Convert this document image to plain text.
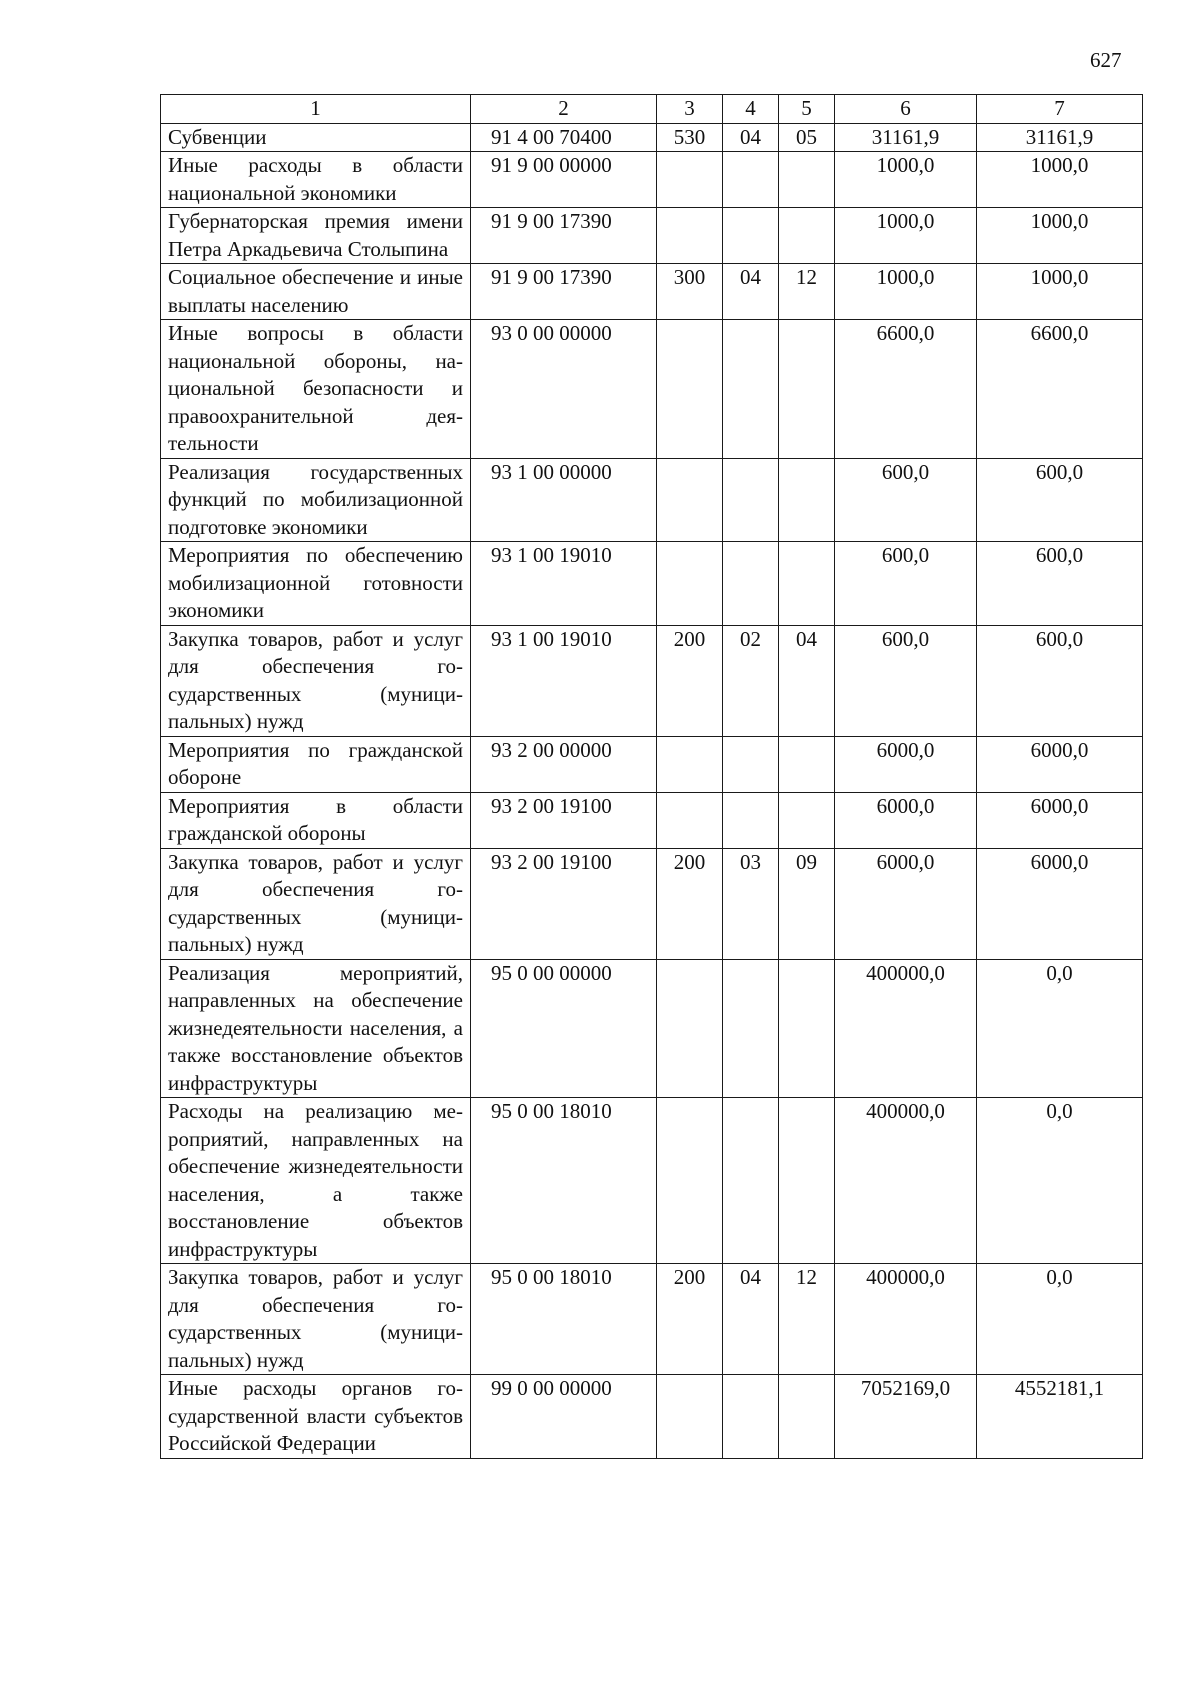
627
1	2	3	4	5	6	7
Субвенции	91 4 00 70400	530	04	05	31161,9	31161,9
Иные расходы в области национальной экономики	91 9 00 00000				1000,0	1000,0
Губернаторская премия имени Петра Аркадьевича Столыпина	91 9 00 17390				1000,0	1000,0
Социальное обеспечение и иные выплаты населению	91 9 00 17390	300	04	12	1000,0	1000,0
Иные вопросы в области национальной обороны, национальной безопасности и правоохранительной деятельности	93 0 00 00000				6600,0	6600,0
Реализация государственных функций по мобилизационной подготовке экономики	93 1 00 00000				600,0	600,0
Мероприятия по обеспечению мобилизационной готовности экономики	93 1 00 19010				600,0	600,0
Закупка товаров, работ и услуг для обеспечения государственных (муниципальных) нужд	93 1 00 19010	200	02	04	600,0	600,0
Мероприятия по гражданской обороне	93 2 00 00000				6000,0	6000,0
Мероприятия в области гражданской обороны	93 2 00 19100				6000,0	6000,0
Закупка товаров, работ и услуг для обеспечения государственных (муниципальных) нужд	93 2 00 19100	200	03	09	6000,0	6000,0
Реализация мероприятий, направленных на обеспечение жизнедеятельности населения, а также восстановление объектов инфраструктуры	95 0 00 00000				400000,0	0,0
Расходы на реализацию мероприятий, направленных на обеспечение жизнедеятельности населения, а также восстановление объектов инфраструктуры	95 0 00 18010				400000,0	0,0
Закупка товаров, работ и услуг для обеспечения государственных (муниципальных) нужд	95 0 00 18010	200	04	12	400000,0	0,0
Иные расходы органов государственной власти субъектов Российской Федерации	99 0 00 00000				7052169,0	4552181,1
